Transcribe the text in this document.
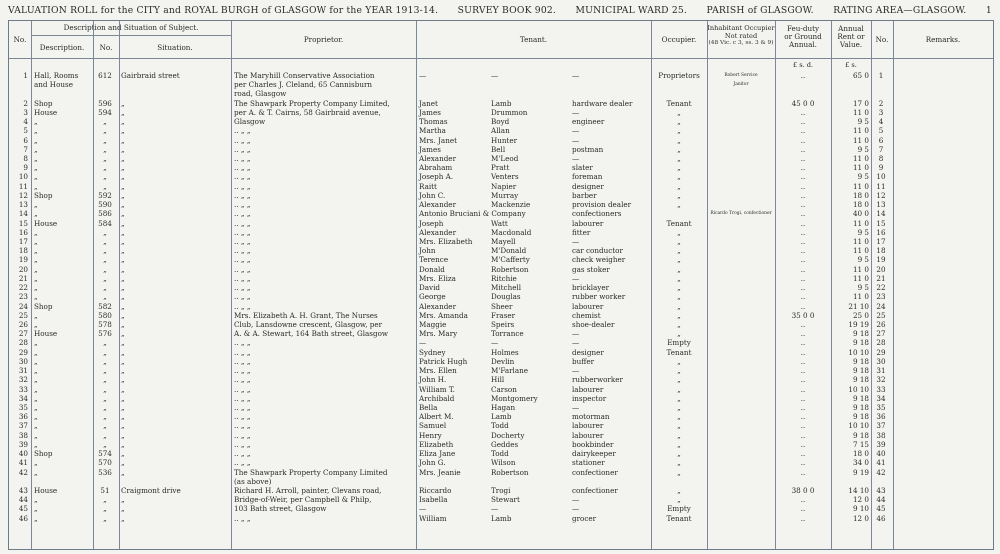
VALUATION ROLL for the CITY and ROYAL BURGH of GLASGOW for the YEAR 1913-14. SURVEY BOOK 902. MUNICIPAL WARD 25. PARISH of GLASGOW. RATING AREA—GLASGOW. 1
No.
Description and Situation of Subject.
Description.	No.	Situation.
Proprietor.	Tenant.	Occupier.
Inhabitant Occupier
Not rated
(48 Vic. c 3, ss. 3 & 9)
Feu-duty
or Ground
Annual.
Annual
Rent or
Value.
No.	Remarks.
£ s. d.	£ s.
1 Hall, Rooms	612	Gairbraid street	The Maryhill Conservative Association	—	—	—	Proprietors	Robert Service	..	65 0	1
and House	per Charles J. Cleland, 65 Cannisburn	Janitor
road, Glasgow
2 Shop	596	„	The Shawpark Property Company Limited,	Janet	Lamb	hardware dealer	Tenant	45 0 0	17 0	2
3 House	594	„	per A. & T. Cairns, 58 Gairbraid avenue,	James	Drummon	—	„	..	11 0	3
4 „	„	„	Glasgow	Thomas	Boyd	engineer	„	..	9 5	4
5 „	„	„	.. „ „	Martha	Allan	—	„	..	11 0	5
6 „	„	„	.. „ „	Mrs. Janet	Hunter	—	„	..	11 0	6
7 „	„	„	.. „ „	James	Bell	postman	„	..	9 5	7
8 „	„	„	.. „ „	Alexander	M'Leod	—	„	..	11 0	8
9 „	„	„	.. „ „	Abraham	Pratt	slater	„	..	11 0	9
10 „	„	„	.. „ „	Joseph A.	Venters	foreman	„	..	9 5	10
11 „	„	„	.. „ „	Raitt	Napier	designer	„	..	11 0	11
12 Shop	592	„	.. „ „	John C.	Murray	barber	„	..	18 0	12
13 „	590	„	.. „ „	Alexander	Mackenzie	provision dealer	„	..	18 0	13
14 „	586	„	.. „ „	Antonio Bruciani & Company	confectioners	Ricardo Trogi, confectioner	..	40 0	14
15 House	584	„	.. „ „	Joseph	Watt	labourer	Tenant	..	11 0	15
16 „	„	„	.. „ „	Alexander	Macdonald	fitter	„	..	9 5	16
17 „	„	„	.. „ „	Mrs. Elizabeth	Mayell	—	„	..	11 0	17
18 „	„	„	.. „ „	John	M'Donald	car conductor	„	..	11 0	18
19 „	„	„	.. „ „	Terence	M'Cafferty	check weigher	„	..	9 5	19
20 „	„	„	.. „ „	Donald	Robertson	gas stoker	„	..	11 0	20
21 „	„	„	.. „ „	Mrs. Eliza	Ritchie	—	„	..	11 0	21
22 „	„	„	.. „ „	David	Mitchell	bricklayer	„	..	9 5	22
23 „	„	„	.. „ „	George	Douglas	rubber worker	„	..	11 0	23
24 Shop	582	„	.. „ „	Alexander	Sheer	labourer	„	..	21 10	24
25 „	580	„	Mrs. Elizabeth A. H. Grant, The Nurses	Mrs. Amanda	Fraser	chemist	„	35 0 0	25 0	25
26 „	578	„	Club, Lansdowne crescent, Glasgow, per	Maggie	Speirs	shoe-dealer	„	..	19 19	26
27 House	576	„	A. & A. Stewart, 164 Bath street, Glasgow	Mrs. Mary	Torrance	—	„	..	9 18	27
28 „	„	„	.. „ „	—	—	—	Empty	..	9 18	28
29 „	„	„	.. „ „	Sydney	Holmes	designer	Tenant	..	10 10	29
30 „	„	„	.. „ „	Patrick Hugh	Devlin	buffer	„	..	9 18	30
31 „	„	„	.. „ „	Mrs. Ellen	M'Farlane	—	„	..	9 18	31
32 „	„	„	.. „ „	John H.	Hill	rubberworker	„	..	9 18	32
33 „	„	„	.. „ „	William T.	Carson	labourer	„	..	10 10	33
34 „	„	„	.. „ „	Archibald	Montgomery	inspector	„	..	9 18	34
35 „	„	„	.. „ „	Bella	Hagan	—	„	..	9 18	35
36 „	„	„	.. „ „	Albert M.	Lamb	motorman	„	..	9 18	36
37 „	„	„	.. „ „	Samuel	Todd	labourer	„	..	10 10	37
38 „	„	„	.. „ „	Henry	Docherty	labourer	„	..	9 18	38
39 „	„	„	.. „ „	Elizabeth	Geddes	bookbinder	„	..	7 15	39
40 Shop	574	„	.. „ „	Eliza Jane	Todd	dairykeeper	„	..	18 0	40
41 „	570	„	.. „ „	John G.	Wilson	stationer	„	..	34 0	41
42 „	536	„	The Shawpark Property Company Limited	Mrs. Jeanie	Robertson	confectioner	„	..	9 19	42
(as above)
43 House	51	Craigmont drive	Richard H. Arroll, painter, Clevans road,	Riccardo	Trogi	confectioner	„	38 0 0	14 10	43
44 „	„	„	Bridge-of-Weir, per Campbell & Philp,	Isabella	Stewart	—	„	..	12 0	44
45 „	„	„	103 Bath street, Glasgow	—	—	—	Empty	..	9 10	45
46 „	„	„	.. „ „	William	Lamb	grocer	Tenant	..	12 0	46
